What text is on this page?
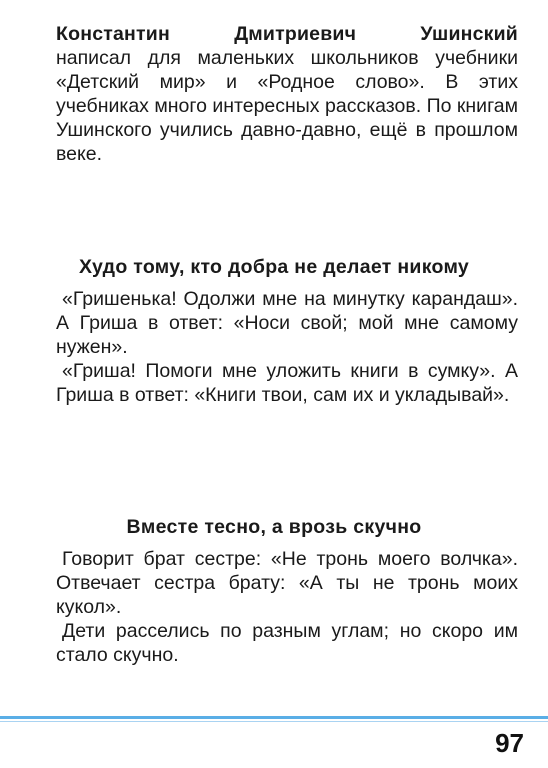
Константин Дмитриевич Ушинский
написал для маленьких школьников учебники «Детский мир» и «Родное слово». В этих учебниках много интересных рассказов. По книгам Ушинского учились давно-давно, ещё в прошлом веке.
Худо тому, кто добра не делает никому

«Гришенька! Одолжи мне на минутку карандаш». А Гриша в ответ: «Носи свой; мой мне самому нужен».

«Гриша! Помоги мне уложить книги в сумку». А Гриша в ответ: «Книги твои, сам их и укладывай».

Вместе тесно, а врозь скучно

Говорит брат сестре: «Не тронь моего волчка». Отвечает сестра брату: «А ты не тронь моих кукол».

Дети расселись по разным углам; но скоро им стало скучно.

97
